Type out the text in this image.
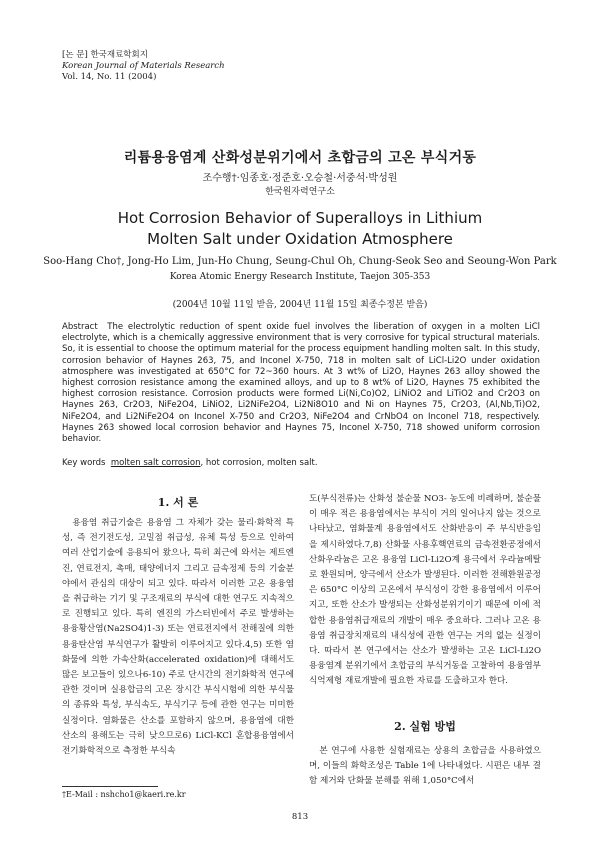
[논 문] 한국재료학회지
Korean Journal of Materials Research
Vol. 14, No. 11 (2004)
리튬용융염계 산화성분위기에서 초합금의 고온 부식거동
조수행†·임종호·정준호·오승철·서중석·박성원
한국원자력연구소
Hot Corrosion Behavior of Superalloys in Lithium
Molten Salt under Oxidation Atmosphere
Soo-Hang Cho†, Jong-Ho Lim, Jun-Ho Chung, Seung-Chul Oh, Chung-Seok Seo and Seoung-Won Park
Korea Atomic Energy Research Institute, Taejon 305-353
(2004년 10월 11일 받음, 2004년 11월 15일 최종수정본 받음)
Abstract The electrolytic reduction of spent oxide fuel involves the liberation of oxygen in a molten LiCl electrolyte, which is a chemically aggressive environment that is very corrosive for typical structural materials. So, it is essential to choose the optimum material for the process equipment handling molten salt. In this study, corrosion behavior of Haynes 263, 75, and Inconel X-750, 718 in molten salt of LiCl-Li2O under oxidation atmosphere was investigated at 650°C for 72~360 hours. At 3 wt% of Li2O, Haynes 263 alloy showed the highest corrosion resistance among the examined alloys, and up to 8 wt% of Li2O, Haynes 75 exhibited the highest corrosion resistance. Corrosion products were formed Li(Ni,Co)O2, LiNiO2 and LiTiO2 and Cr2O3 on Haynes 263, Cr2O3, NiFe2O4, LiNiO2, Li2NiFe2O4, Li2Ni8O10 and Ni on Haynes 75, Cr2O3, (Al,Nb,Ti)O2, NiFe2O4, and Li2NiFe2O4 on Inconel X-750 and Cr2O3, NiFe2O4 and CrNbO4 on Inconel 718, respectively. Haynes 263 showed local corrosion behavior and Haynes 75, Inconel X-750, 718 showed uniform corrosion behavior.
Key words molten salt corrosion, hot corrosion, molten salt.
1. 서 론

용융염 취급기술은 용융염 그 자체가 갖는 물리·화학적 특성, 즉 전기전도성, 고밀점 취급성, 유체 특성 등으로 인하여 여러 산업기술에 응용되어 왔으나, 특히 최근에 와서는 제트엔진, 연료전지, 촉매, 태양에너지 그리고 금속정제 등의 기술분야에서 관심의 대상이 되고 있다. 따라서 이러한 고온 용융염을 취급하는 기기 및 구조재료의 부식에 대한 연구도 지속적으로 진행되고 있다. 특히 엔진의 가스터빈에서 주로 발생하는 용융황산염(Na2SO4)1-3) 또는 연료전지에서 전해질에 의한 용융탄산염 부식연구가 활발히 이루어지고 있다.4,5) 또한 염화물에 의한 가속산화(accelerated oxidation)에 대해서도 많은 보고들이 있으나6-10) 주로 단시간의 전기화학적 연구에 관한 것이며 실용합금의 고온 장시간 부식시험에 의한 부식물의 종류와 특성, 부식속도, 부식기구 등에 관한 연구는 미미한 실정이다. 염화물은 산소를 포함하지 않으며, 용융염에 대한 산소의 용해도는 극히 낮으므로6) LiCl-KCl 혼합용융염에서 전기화학적으로 측정한 부식속

도(부식전류)는 산화성 불순물 NO3- 농도에 비례하며, 불순물이 매우 적은 용융염에서는 부식이 거의 일어나지 않는 것으로 나타났고, 염화물계 용융염에서도 산화반응이 주 부식반응임을 제시하였다.7,8) 산화물 사용후핵연료의 금속전환공정에서 산화우라늄은 고온 용융염 LiCl-Li2O계 용극에서 우라늄메탈로 환원되며, 양극에서 산소가 발생된다. 이러한 전해환원공정은 650°C 이상의 고온에서 부식성이 강한 용융염에서 이루어지고, 또한 산소가 발생되는 산화성분위기이기 때문에 이에 적합한 용융염취급재료의 개발이 매우 중요하다. 그러나 고온 용융염 취급장치재료의 내식성에 관한 연구는 거의 없는 실정이다. 따라서 본 연구에서는 산소가 발생하는 고온 LiCl-Li2O 용융염계 분위기에서 초합금의 부식거동을 고찰하여 용융염부식억제형 재료개발에 필요한 자료를 도출하고자 한다.

2. 실험 방법

본 연구에 사용한 실험재료는 상용의 초합금을 사용하였으며, 이들의 화학조성은 Table 1에 나타내었다. 시편은 내부 결함 제거와 단화물 분해를 위해 1,050°C에서

†E-Mail : nshcho1@kaeri.re.kr
813
